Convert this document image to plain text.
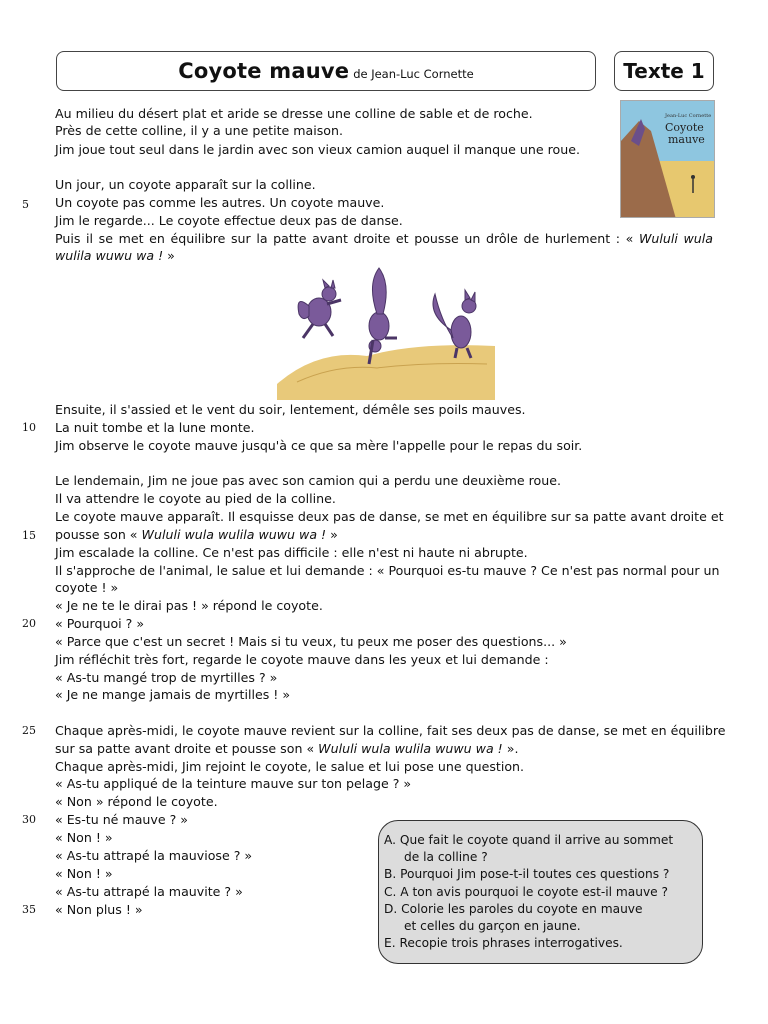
Coyote mauve de Jean-Luc Cornette	Texte 1
Jean-Luc Cornette
Coyote
mauve
5
10
15
20
25
30
35
Au milieu du désert plat et aride se dresse une colline de sable et de roche.
Près de cette colline, il y a une petite maison.
Jim joue tout seul dans le jardin avec son vieux camion auquel il manque une roue.
Un jour, un coyote apparaît sur la colline.
Un coyote pas comme les autres. Un coyote mauve.
Jim le regarde... Le coyote effectue deux pas de danse.
Puis il se met en équilibre sur la patte avant droite et pousse un drôle de hurlement : « Wululi wula
wulila wuwu wa ! »
Ensuite, il s'assied et le vent du soir, lentement, démêle ses poils mauves.
La nuit tombe et la lune monte.
Jim observe le coyote mauve jusqu'à ce que sa mère l'appelle pour le repas du soir.
Le lendemain, Jim ne joue pas avec son camion qui a perdu une deuxième roue.
Il va attendre le coyote au pied de la colline.
Le coyote mauve apparaît. Il esquisse deux pas de danse, se met en équilibre sur sa patte avant droite et
pousse son « Wululi wula wulila wuwu wa ! »
Jim escalade la colline. Ce n'est pas difficile : elle n'est ni haute ni abrupte.
Il s'approche de l'animal, le salue et lui demande : « Pourquoi es-tu mauve ? Ce n'est pas normal pour un
coyote ! »
« Je ne te le dirai pas ! » répond le coyote.
« Pourquoi ? »
« Parce que c'est un secret ! Mais si tu veux, tu peux me poser des questions... »
Jim réfléchit très fort, regarde le coyote mauve dans les yeux et lui demande :
« As-tu mangé trop de myrtilles ? »
« Je ne mange jamais de myrtilles ! »
Chaque après-midi, le coyote mauve revient sur la colline, fait ses deux pas de danse, se met en équilibre
sur sa patte avant droite et pousse son « Wululi wula wulila wuwu wa ! ».
Chaque après-midi, Jim rejoint le coyote, le salue et lui pose une question.
« As-tu appliqué de la teinture mauve sur ton pelage ? »
« Non » répond le coyote.
« Es-tu né mauve ? »
« Non ! »
« As-tu attrapé la mauviose ? »
« Non ! »
« As-tu attrapé la mauvite ? »
« Non plus ! »
A. Que fait le coyote quand il arrive au sommet
de la colline ?
B. Pourquoi Jim pose-t-il toutes ces questions ?
C. A ton avis pourquoi le coyote est-il mauve ?
D. Colorie les paroles du coyote en mauve
et celles du garçon en jaune.
E. Recopie trois phrases interrogatives.
